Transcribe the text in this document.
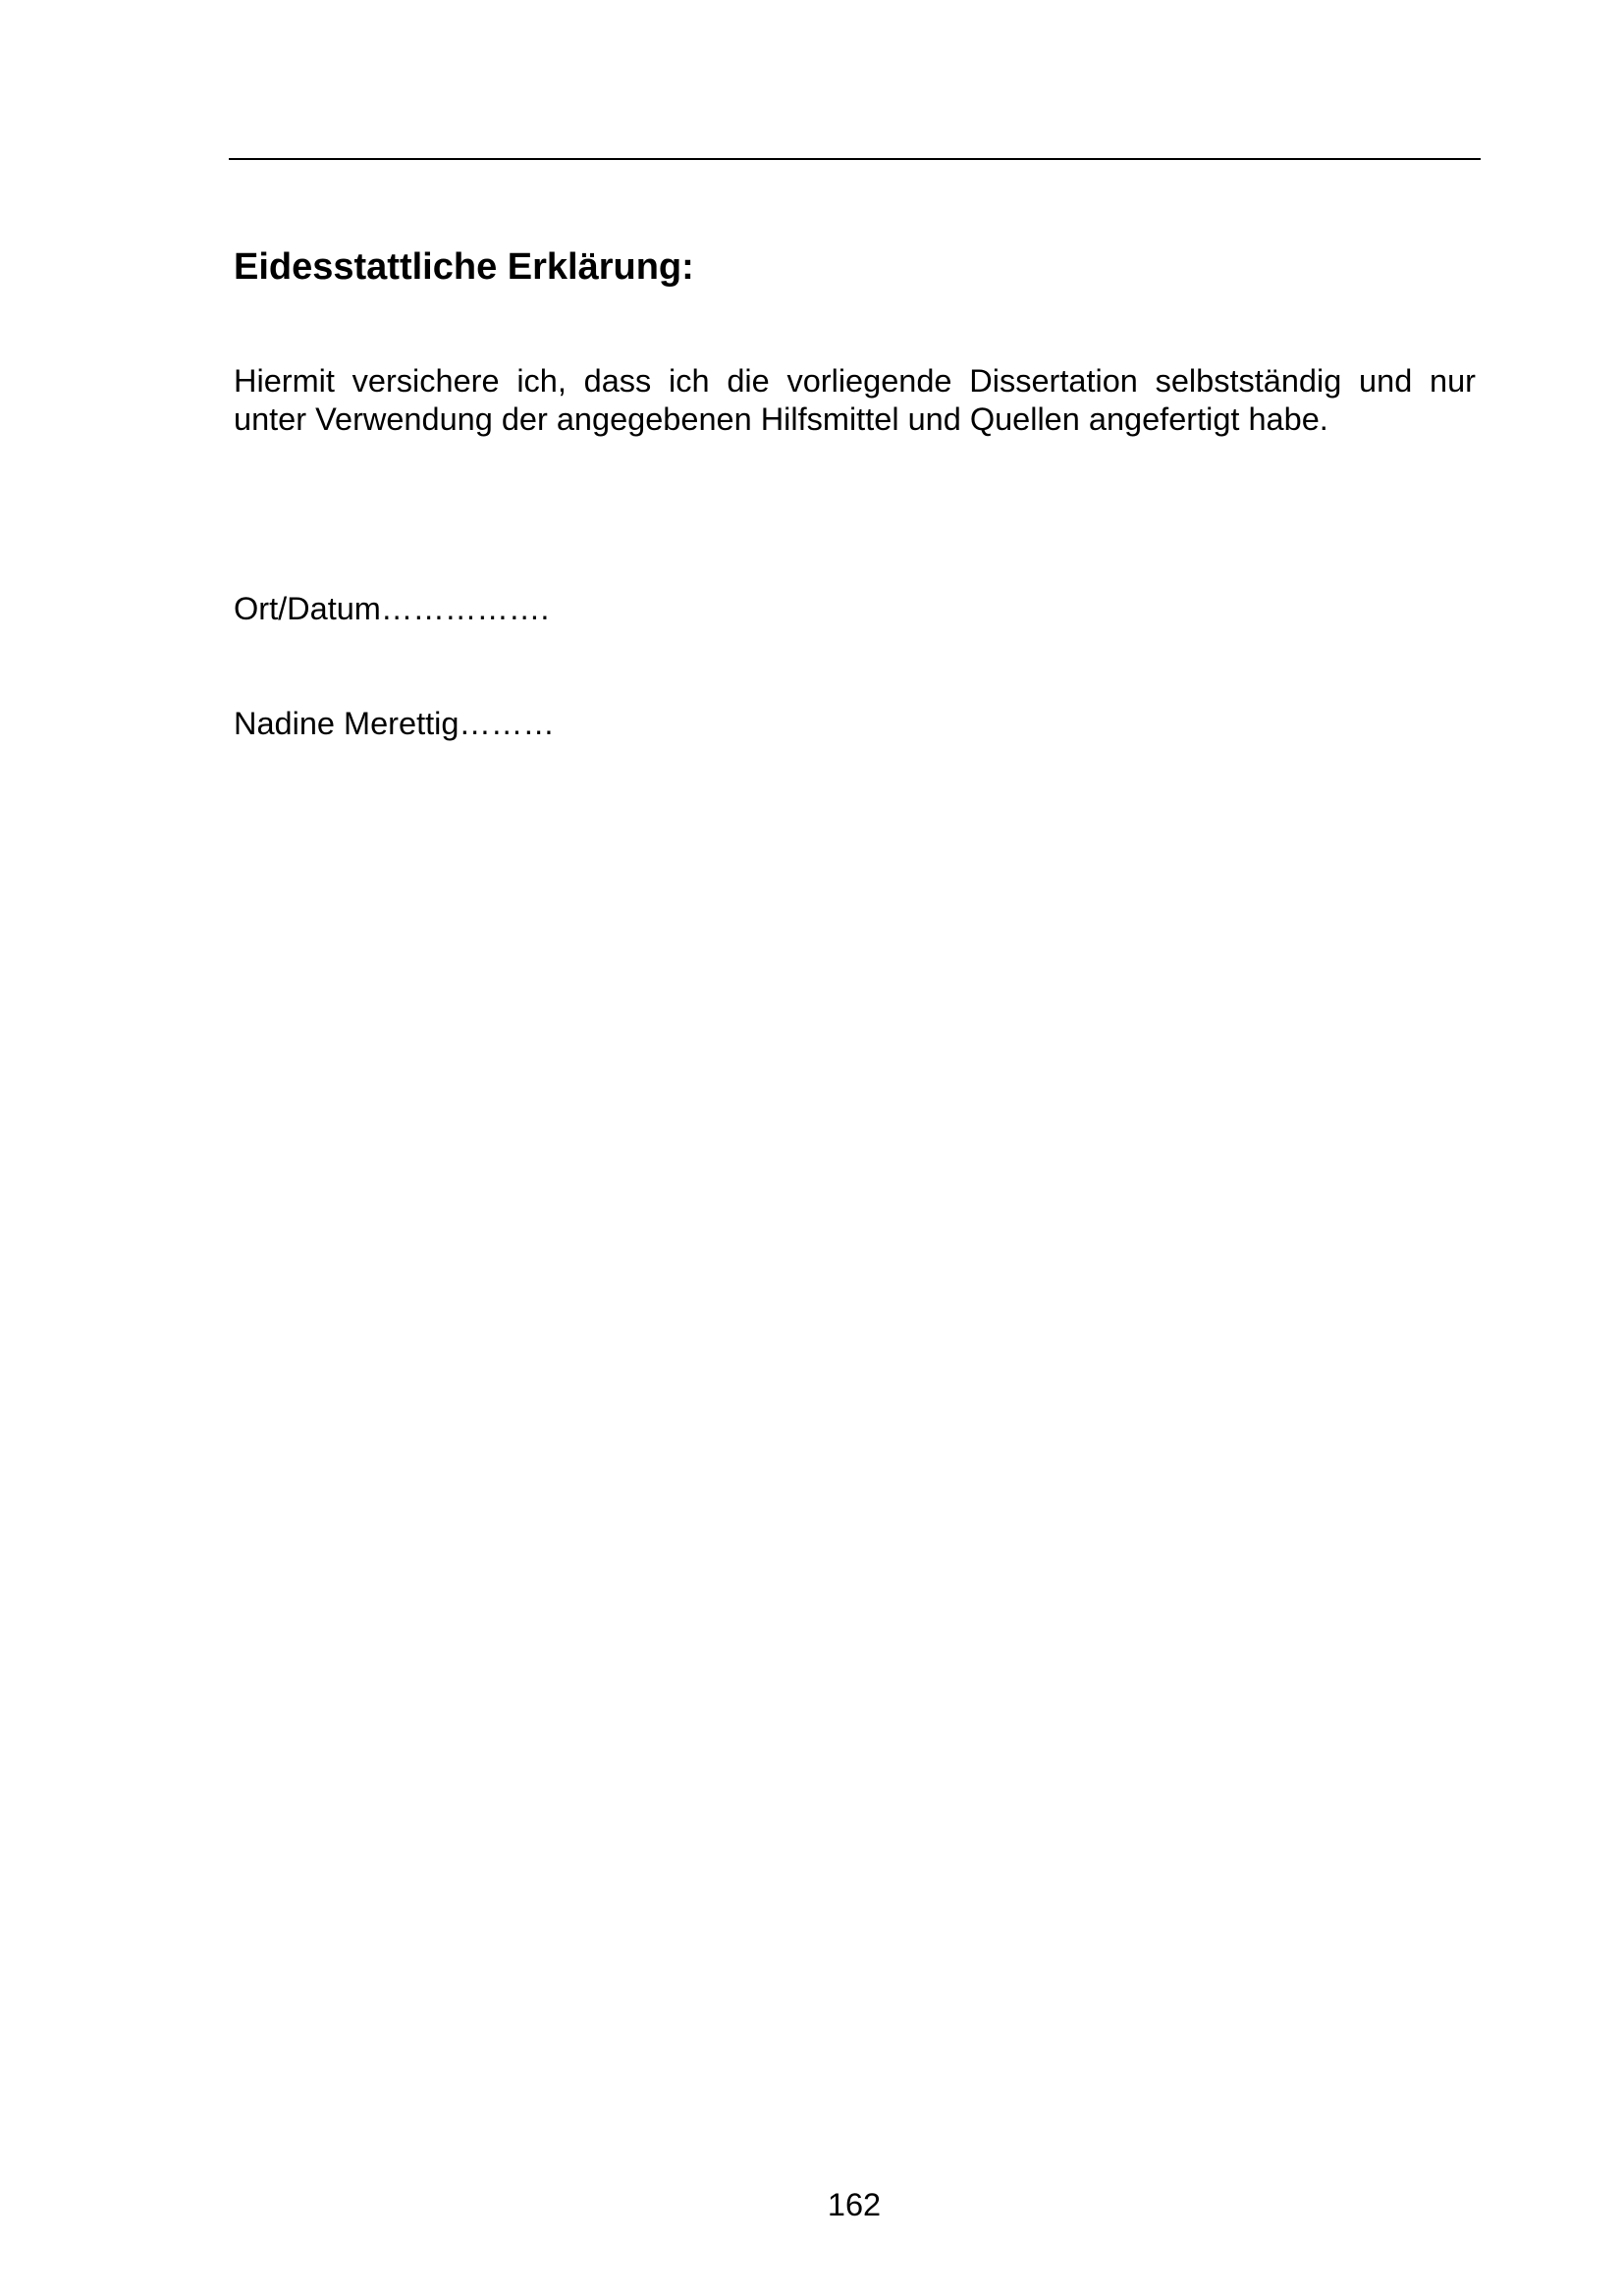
Eidesstattliche Erklärung:

Hiermit versichere ich, dass ich die vorliegende Dissertation selbstständig und nur
unter Verwendung der angegebenen Hilfsmittel und Quellen angefertigt habe.

Ort/Datum…………….

Nadine Merettig………

162
